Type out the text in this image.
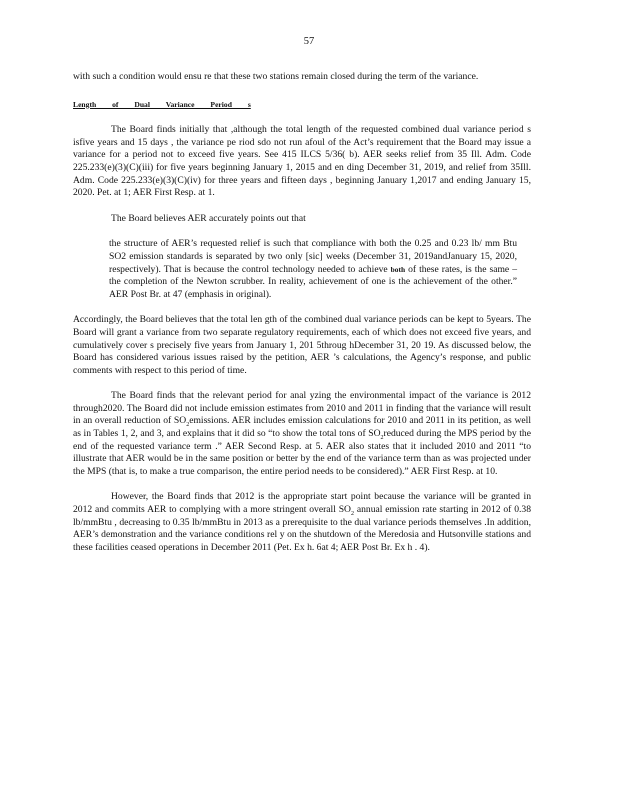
57

with such a condition would ensu re that these two stations remain closed during the term of the variance.

Length of Dual Variance Period s

The Board finds initially that ,although the total length of the requested combined dual variance period s isfive years and 15 days , the variance pe riod sdo not run afoul of the Act’s requirement that the Board may issue a variance for a period not to exceed five years. See 415 ILCS 5/36( b). AER seeks relief from 35 Ill. Adm. Code 225.233(e)(3)(C)(iii) for five years beginning January 1, 2015 and en ding December 31, 2019, and relief from 35Ill. Adm. Code 225.233(e)(3)(C)(iv) for three years and fifteen days , beginning January 1,2017 and ending January 15, 2020. Pet. at 1; AER First Resp. at 1.

The Board believes AER accurately points out that

the structure of AER’s requested relief is such that compliance with both the 0.25 and 0.23 lb/ mm Btu SO2 emission standards is separated by two only [sic] weeks (December 31, 2019andJanuary 15, 2020, respectively). That is because the control technology needed to achieve both of these rates, is the same –the completion of the Newton scrubber. In reality, achievement of one is the achievement of the other.” AER Post Br. at 47 (emphasis in original).

Accordingly, the Board believes that the total len gth of the combined dual variance periods can be kept to 5years. The Board will grant a variance from two separate regulatory requirements, each of which does not exceed five years, and cumulatively cover s precisely five years from January 1, 201 5throug hDecember 31, 20 19. As discussed below, the Board has considered various issues raised by the petition, AER ’s calculations, the Agency’s response, and public comments with respect to this period of time.

The Board finds that the relevant period for anal yzing the environmental impact of the variance is 2012 through2020. The Board did not include emission estimates from 2010 and 2011 in finding that the variance will result in an overall reduction of $SO_2emissions$. AER includes emission calculations for 2010 and 2011 in its petition, as well as in Tables 1, 2, and 3, and explains that it did so “to show the total tons of $SO_2reduced$ during the MPS period by the end of the requested variance term .” AER Second Resp. at 5. AER also states that it included 2010 and 2011 “to illustrate that AER would be in the same position or better by the end of the variance term than as was projected under the MPS (that is, to make a true comparison, the entire period needs to be considered).” AER First Resp. at 10.

However, the Board finds that 2012 is the appropriate start point because the variance will be granted in 2012 and commits AER to complying with a more stringent overall $SO_2$ annual emission rate starting in 2012 of 0.38 lb/mmBtu , decreasing to 0.35 lb/mmBtu in 2013 as a prerequisite to the dual variance periods themselves .In addition, AER’s demonstration and the variance conditions rel y on the shutdown of the Meredosia and Hutsonville stations and these facilities ceased operations in December 2011 (Pet. Ex h. 6at 4; AER Post Br. Ex h . 4).
